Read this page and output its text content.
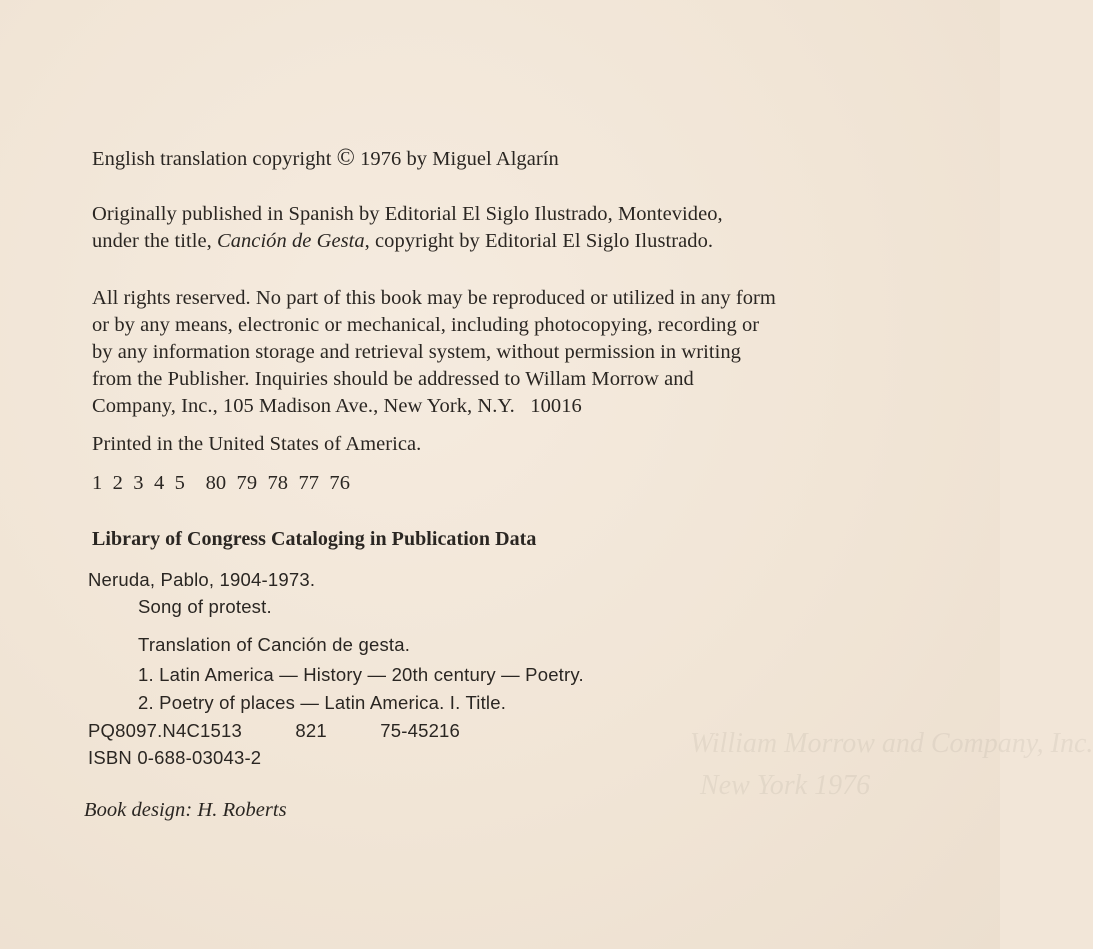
William Morrow and Company, Inc.
New York 1976
English translation copyright © 1976 by Miguel Algarín
Originally published in Spanish by Editorial El Siglo Ilustrado, Montevideo,
under the title, Canción de Gesta, copyright by Editorial El Siglo Ilustrado.
All rights reserved. No part of this book may be reproduced or utilized in any form
or by any means, electronic or mechanical, including photocopying, recording or
by any information storage and retrieval system, without permission in writing
from the Publisher. Inquiries should be addressed to Willam Morrow and
Company, Inc., 105 Madison Ave., New York, N.Y.   10016
Printed in the United States of America.
1  2  3  4  5    80  79  78  77  76
Library of Congress Cataloging in Publication Data
Neruda, Pablo, 1904-1973.
Song of protest.
Translation of Canción de gesta.
1. Latin America — History — 20th century — Poetry.
2. Poetry of places — Latin America. I. Title.
PQ8097.N4C1513          821          75-45216
ISBN 0-688-03043-2
Book design: H. Roberts
